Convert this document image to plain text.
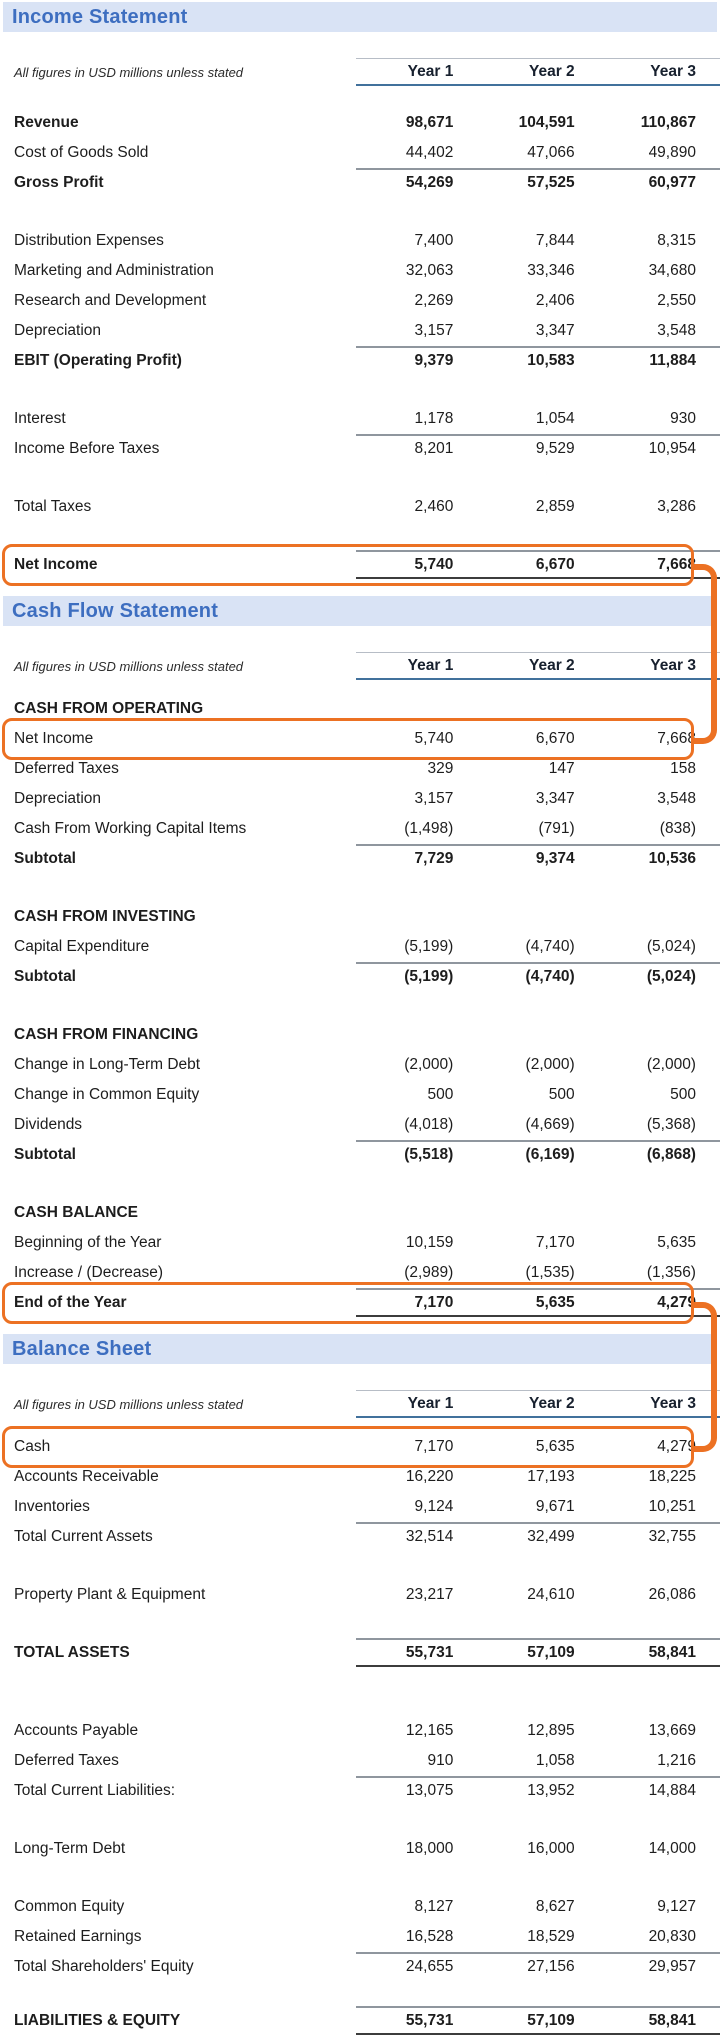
Income Statement
All figures in USD millions unless stated	Year 1	Year 2	Year 3
Revenue	98,671	104,591	110,867
Cost of Goods Sold	44,402	47,066	49,890
Gross Profit	54,269	57,525	60,977
Distribution Expenses	7,400	7,844	8,315
Marketing and Administration	32,063	33,346	34,680
Research and Development	2,269	2,406	2,550
Depreciation	3,157	3,347	3,548
EBIT (Operating Profit)	9,379	10,583	11,884
Interest	1,178	1,054	930
Income Before Taxes	8,201	9,529	10,954
Total Taxes	2,460	2,859	3,286
Net Income	5,740	6,670	7,668
Cash Flow Statement
All figures in USD millions unless stated	Year 1	Year 2	Year 3
CASH FROM OPERATING
Net Income	5,740	6,670	7,668
Deferred Taxes	329	147	158
Depreciation	3,157	3,347	3,548
Cash From Working Capital Items	(1,498)	(791)	(838)
Subtotal	7,729	9,374	10,536
CASH FROM INVESTING
Capital Expenditure	(5,199)	(4,740)	(5,024)
Subtotal	(5,199)	(4,740)	(5,024)
CASH FROM FINANCING
Change in Long-Term Debt	(2,000)	(2,000)	(2,000)
Change in Common Equity	500	500	500
Dividends	(4,018)	(4,669)	(5,368)
Subtotal	(5,518)	(6,169)	(6,868)
CASH BALANCE
Beginning of the Year	10,159	7,170	5,635
Increase / (Decrease)	(2,989)	(1,535)	(1,356)
End of the Year	7,170	5,635	4,279
Balance Sheet
All figures in USD millions unless stated	Year 1	Year 2	Year 3
Cash	7,170	5,635	4,279
Accounts Receivable	16,220	17,193	18,225
Inventories	9,124	9,671	10,251
Total Current Assets	32,514	32,499	32,755
Property Plant & Equipment	23,217	24,610	26,086
TOTAL ASSETS	55,731	57,109	58,841
Accounts Payable	12,165	12,895	13,669
Deferred Taxes	910	1,058	1,216
Total Current Liabilities:	13,075	13,952	14,884
Long-Term Debt	18,000	16,000	14,000
Common Equity	8,127	8,627	9,127
Retained Earnings	16,528	18,529	20,830
Total Shareholders' Equity	24,655	27,156	29,957
LIABILITIES & EQUITY	55,731	57,109	58,841
